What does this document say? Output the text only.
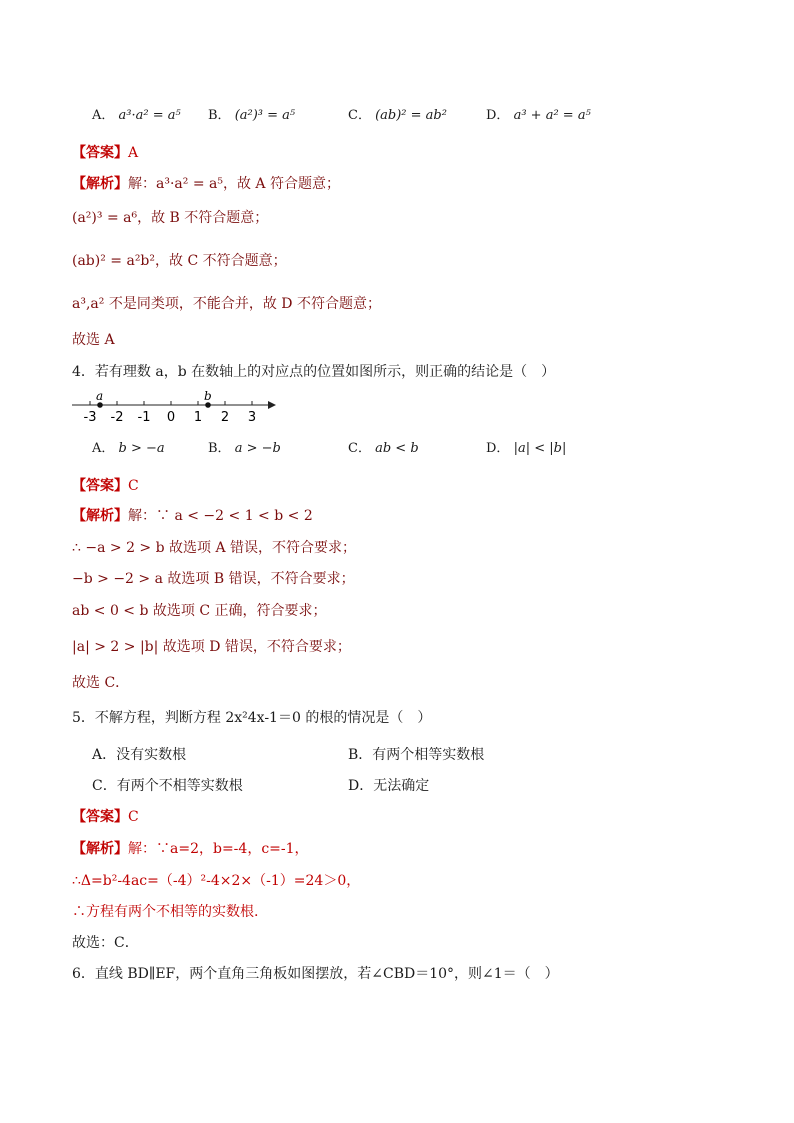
A． a³·a² = a⁵ B． (a²)³ = a⁵	C． (ab)² = ab²	D． a³ + a² = a⁵
【答案】A
【解析】解：a³·a² = a⁵，故 A 符合题意；
(a²)³ = a⁶，故 B 不符合题意；
(ab)² = a²b²，故 C 不符合题意；
a³,a² 不是同类项，不能合并，故 D 不符合题意；
故选 A
4．若有理数 a，b 在数轴上的对应点的位置如图所示，则正确的结论是（　）
-3 -2 -1 0 1 2 3
a	b
A． b > −a	B． a > −b	C． ab < b	D． |a| < |b|
【答案】C
【解析】解：∵ a < −2 < 1 < b < 2
∴ −a > 2 > b 故选项 A 错误，不符合要求；
−b > −2 > a 故选项 B 错误，不符合要求；
ab < 0 < b 故选项 C 正确，符合要求；
|a| > 2 > |b| 故选项 D 错误，不符合要求；
故选 C．
5．不解方程，判断方程 2x²4x-1＝0 的根的情况是（　）
A．没有实数根	B．有两个相等实数根
C．有两个不相等实数根	D．无法确定
【答案】C
【解析】解：∵a=2，b=-4，c=-1，
∴Δ=b²-4ac=（-4）²-4×2×（-1）=24＞0，
∴方程有两个不相等的实数根.
故选：C．
6．直线 BD∥EF，两个直角三角板如图摆放，若∠CBD＝10°，则∠1＝（　）
